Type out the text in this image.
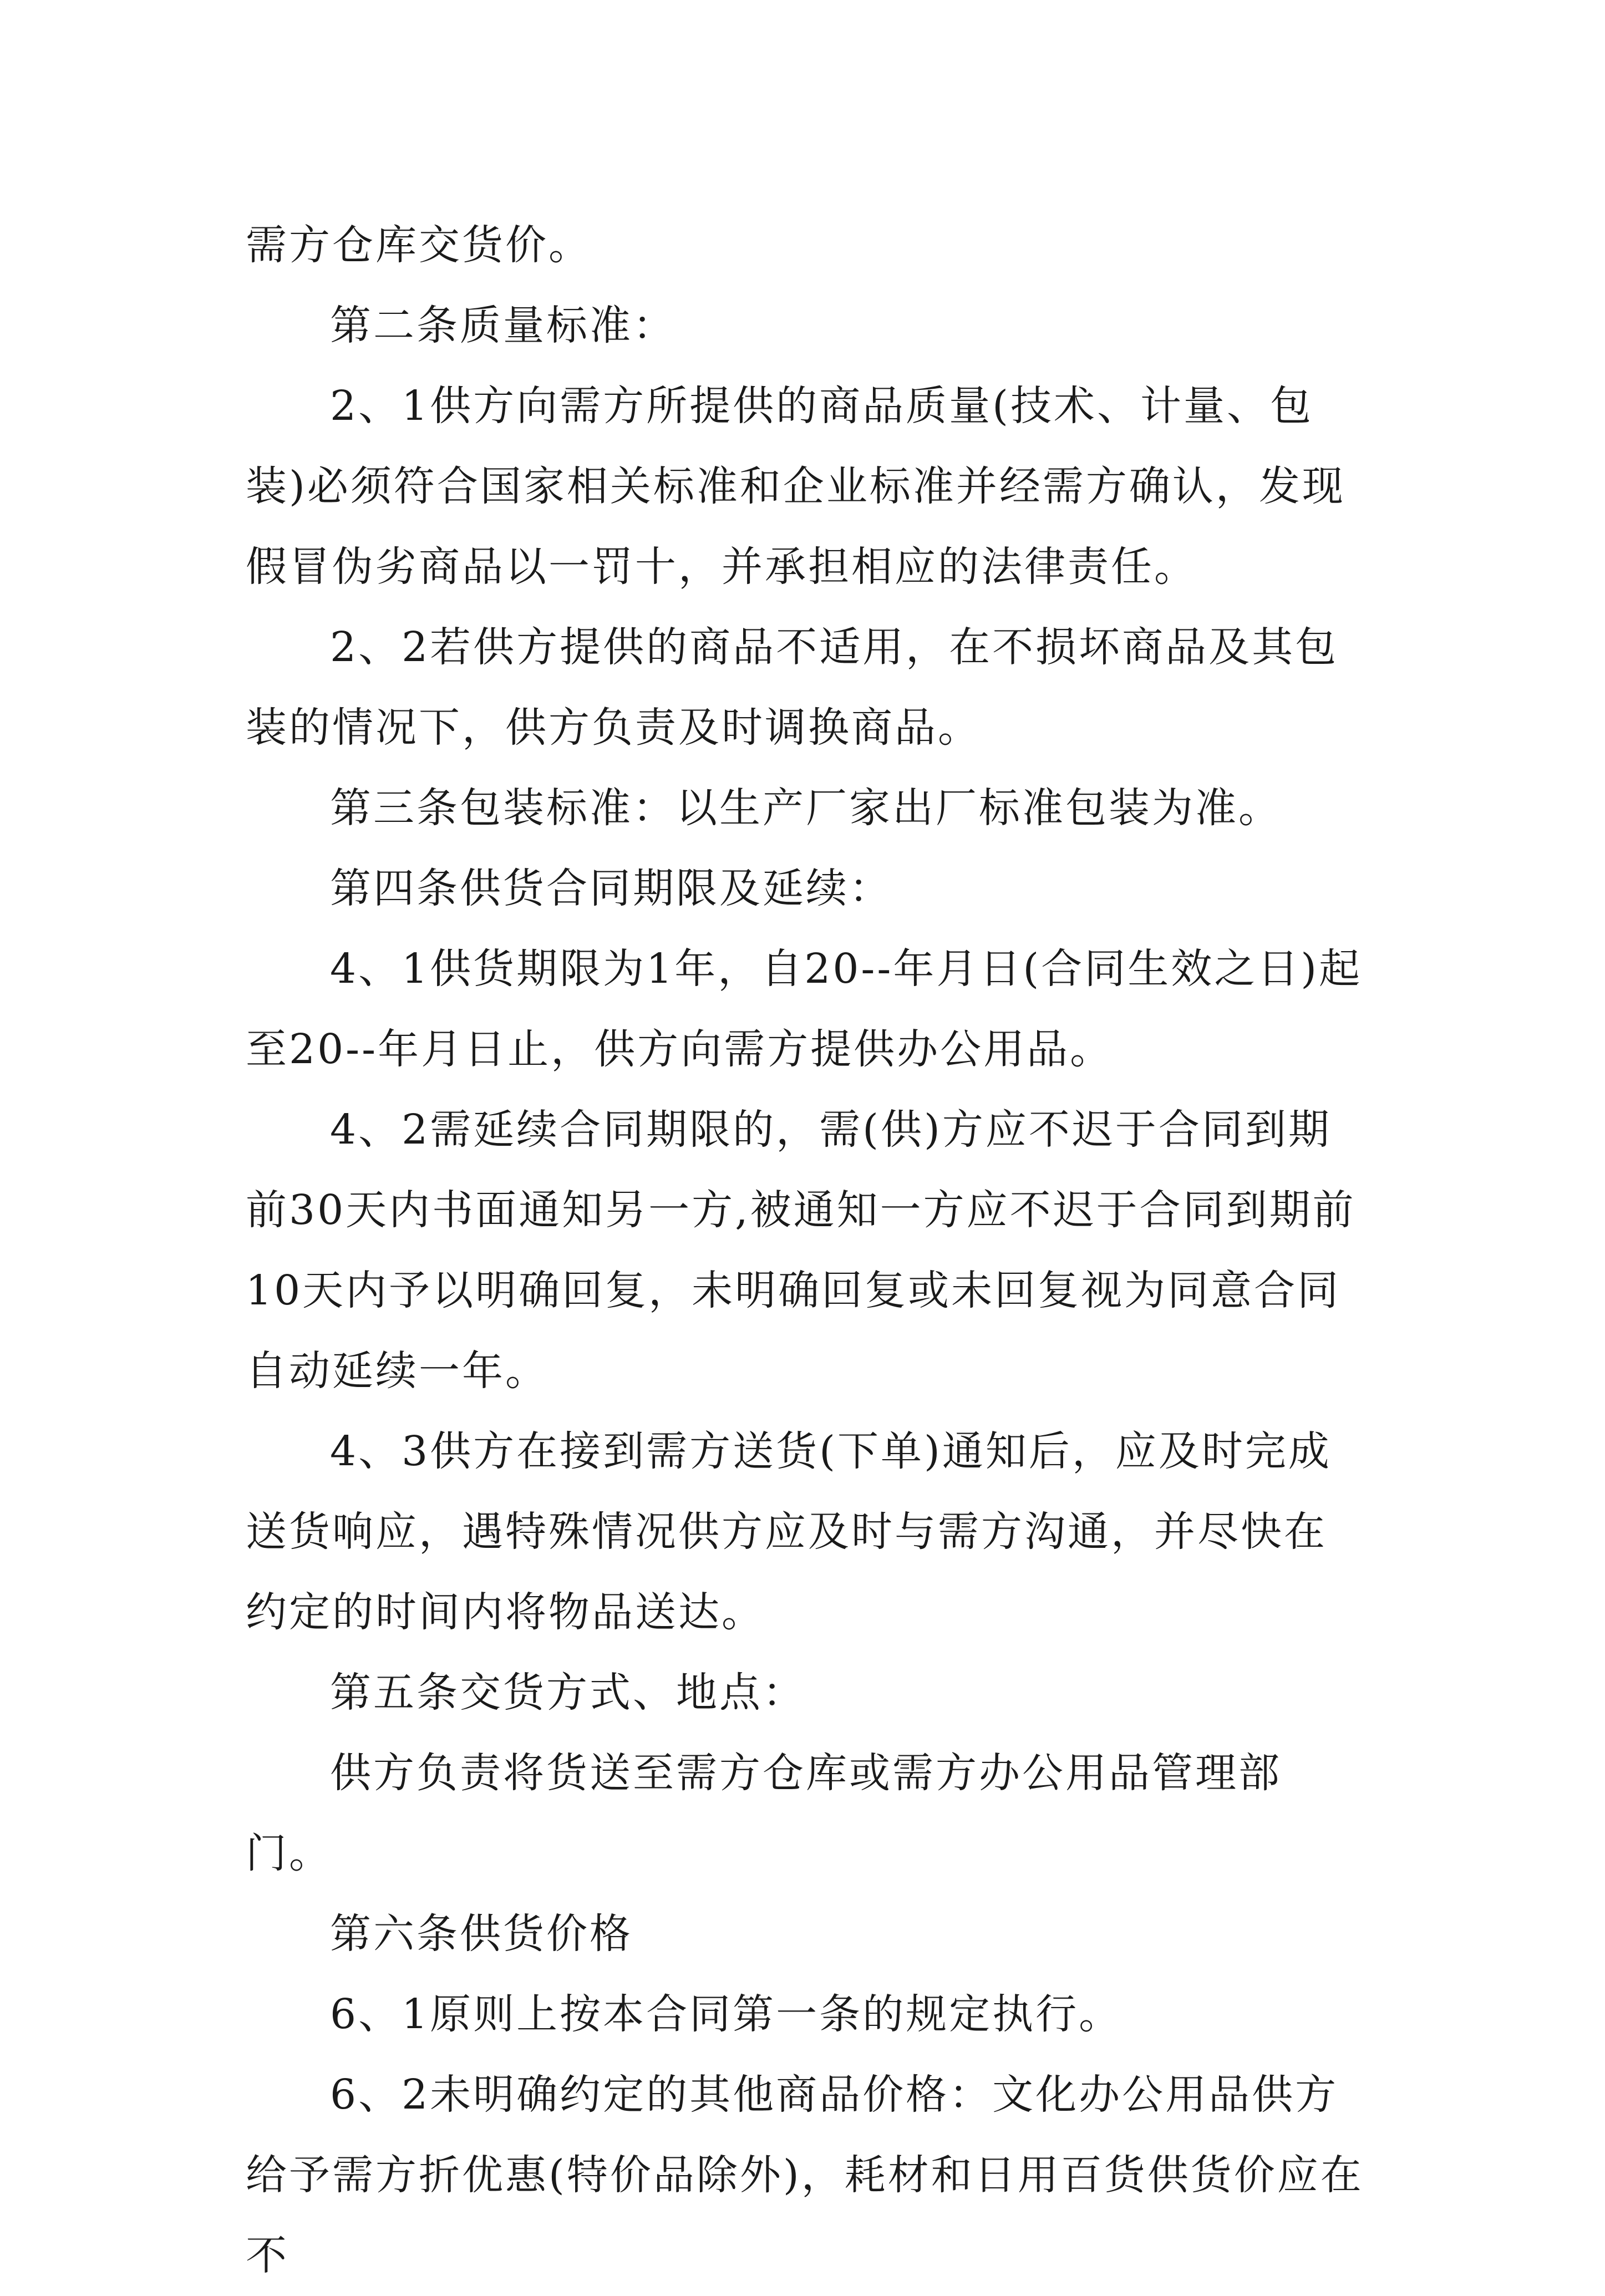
需方仓库交货价。

第二条质量标准：

2、1供方向需方所提供的商品质量(技术、计量、包装)必须符合国家相关标准和企业标准并经需方确认，发现假冒伪劣商品以一罚十，并承担相应的法律责任。

2、2若供方提供的商品不适用，在不损坏商品及其包装的情况下，供方负责及时调换商品。

第三条包装标准：以生产厂家出厂标准包装为准。

第四条供货合同期限及延续：

4、1供货期限为1年，自20--年月日(合同生效之日)起至20--年月日止，供方向需方提供办公用品。

4、2需延续合同期限的，需(供)方应不迟于合同到期前30天内书面通知另一方,被通知一方应不迟于合同到期前10天内予以明确回复，未明确回复或未回复视为同意合同自动延续一年。

4、3供方在接到需方送货(下单)通知后，应及时完成送货响应，遇特殊情况供方应及时与需方沟通，并尽快在约定的时间内将物品送达。

第五条交货方式、地点：

供方负责将货送至需方仓库或需方办公用品管理部门。

第六条供货价格

6、1原则上按本合同第一条的规定执行。

6、2未明确约定的其他商品价格：文化办公用品供方给予需方折优惠(特价品除外)，耗材和日用百货供货价应在不
